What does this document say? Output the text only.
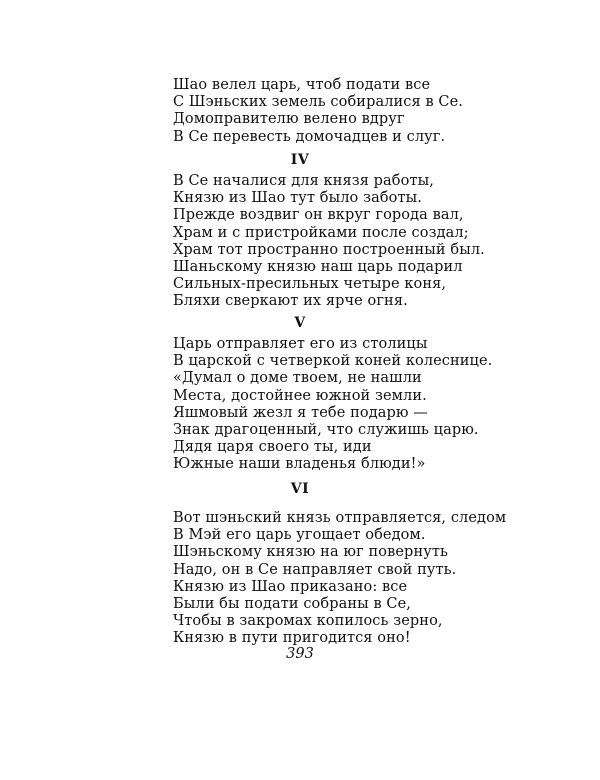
Шао велел царь, чтоб подати все
С Шэньских земель собиралися в Се.
Домоправителю велено вдруг
В Се перевесть домочадцев и слуг.
IV
В Се началися для князя работы,
Князю из Шао тут было заботы.
Прежде воздвиг он вкруг города вал,
Храм и с пристройками после создал;
Храм тот пространно построенный был.
Шаньскому князю наш царь подарил
Сильных-пресильных четыре коня,
Бляхи сверкают их ярче огня.
V
Царь отправляет его из столицы
В царской с четверкой коней колеснице.
«Думал о доме твоем, не нашли
Места, достойнее южной земли.
Яшмовый жезл я тебе подарю —
Знак драгоценный, что служишь царю.
Дядя царя своего ты, иди
Южные наши владенья блюди!»
VI
Вот шэньский князь отправляется, следом
В Мэй его царь угощает обедом.
Шэньскому князю на юг повернуть
Надо, он в Се направляет свой путь.
Князю из Шао приказано: все
Были бы подати собраны в Се,
Чтобы в закромах копилось зерно,
Князю в пути пригодится оно!
393
